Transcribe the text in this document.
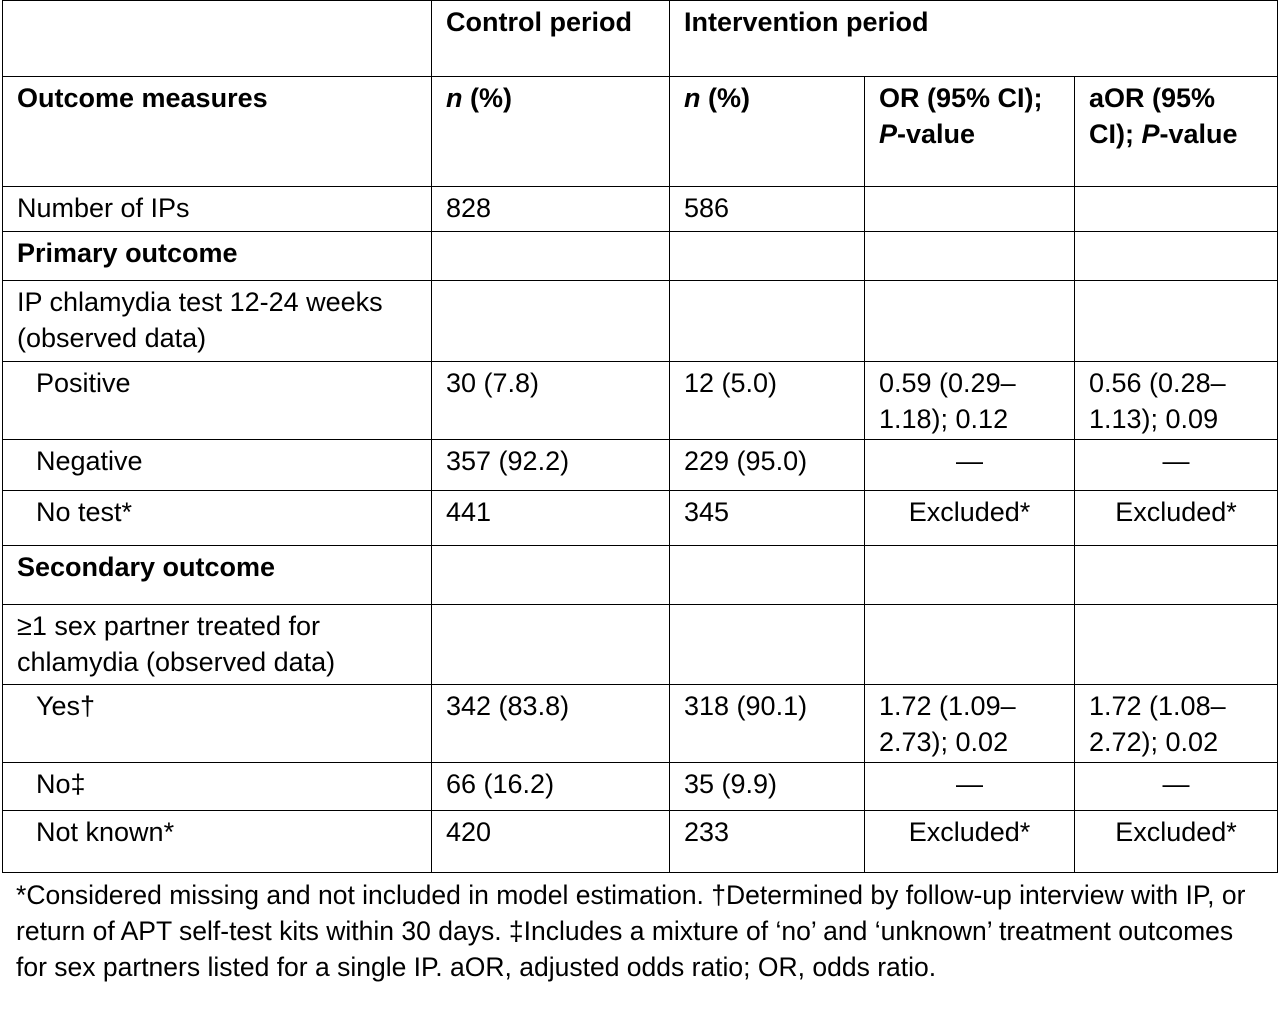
	Control period	Intervention period		
Outcome measures	n (%)	n (%)	OR (95% CI); P-value	aOR (95% CI); P-value
Number of IPs	828	586		
Primary outcome				
IP chlamydia test 12-24 weeks (observed data)				
Positive	30 (7.8)	12 (5.0)	0.59 (0.29–1.18); 0.12	0.56 (0.28–1.13); 0.09
Negative	357 (92.2)	229 (95.0)	—	—
No test*	441	345	Excluded*	Excluded*
Secondary outcome				
≥1 sex partner treated for chlamydia (observed data)				
Yes†	342 (83.8)	318 (90.1)	1.72 (1.09–2.73); 0.02	1.72 (1.08–2.72); 0.02
No‡	66 (16.2)	35 (9.9)	—	—
Not known*	420	233	Excluded*	Excluded*
*Considered missing and not included in model estimation. †Determined by follow-up interview with IP, or return of APT self-test kits within 30 days. ‡Includes a mixture of ‘no’ and ‘unknown’ treatment outcomes for sex partners listed for a single IP. aOR, adjusted odds ratio; OR, odds ratio.
